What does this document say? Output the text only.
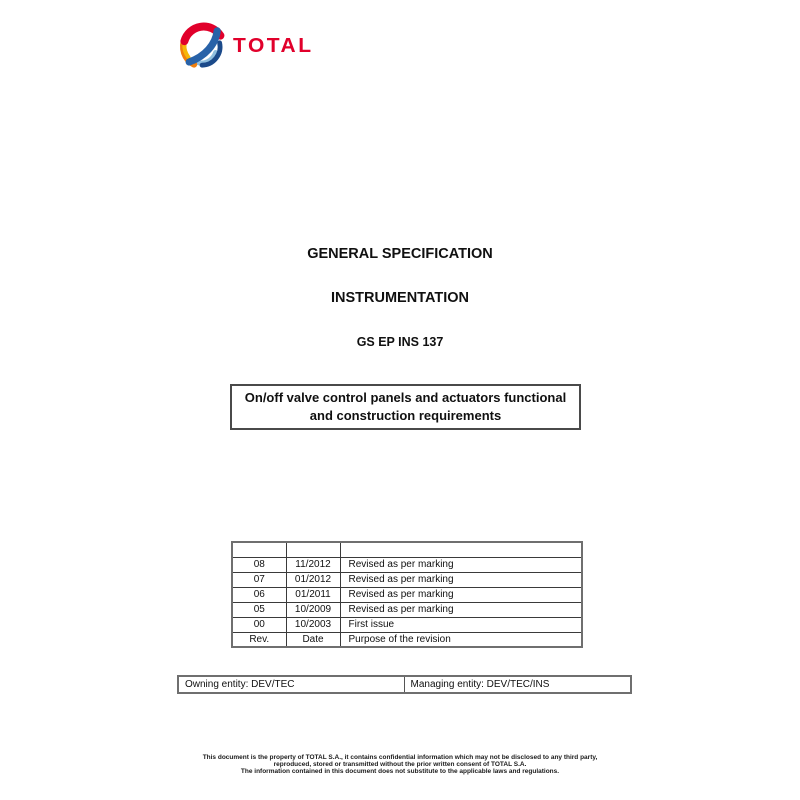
TOTAL
GENERAL SPECIFICATION
INSTRUMENTATION
GS EP INS 137
On/off valve control panels and actuators functional
and construction requirements

08	11/2012	Revised as per marking
07	01/2012	Revised as per marking
06	01/2011	Revised as per marking
05	10/2009	Revised as per marking
00	10/2003	First issue
Rev.	Date	Purpose of the revision
Owning entity: DEV/TEC	Managing entity: DEV/TEC/INS
This document is the property of TOTAL S.A., it contains confidential information which may not be disclosed to any third party,
reproduced, stored or transmitted without the prior written consent of TOTAL S.A.
The information contained in this document does not substitute to the applicable laws and regulations.
